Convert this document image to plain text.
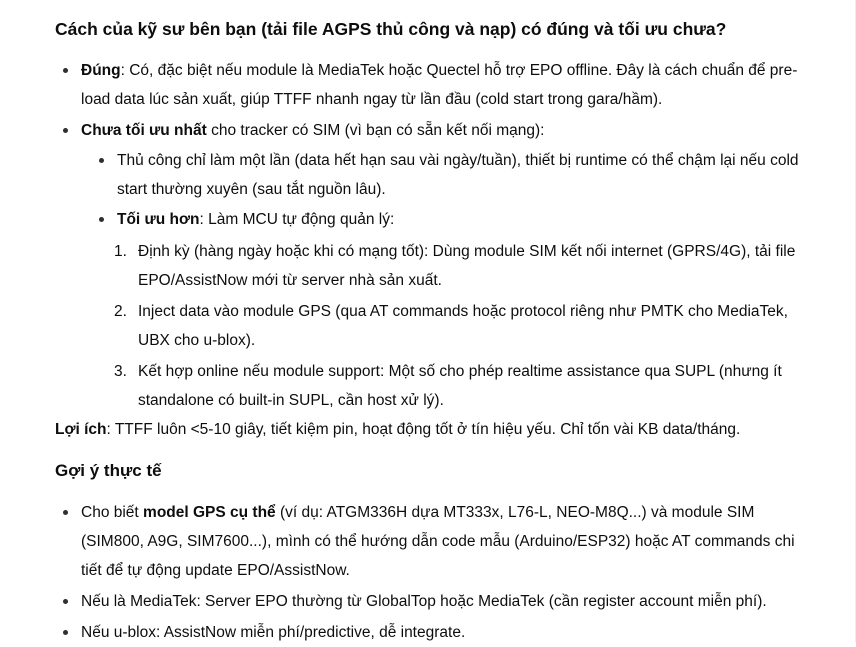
Cách của kỹ sư bên bạn (tải file AGPS thủ công và nạp) có đúng và tối ưu chưa?
Đúng: Có, đặc biệt nếu module là MediaTek hoặc Quectel hỗ trợ EPO offline. Đây là cách chuẩn để pre-load data lúc sản xuất, giúp TTFF nhanh ngay từ lần đầu (cold start trong gara/hầm).
Chưa tối ưu nhất cho tracker có SIM (vì bạn có sẵn kết nối mạng):
Thủ công chỉ làm một lần (data hết hạn sau vài ngày/tuần), thiết bị runtime có thể chậm lại nếu cold start thường xuyên (sau tắt nguồn lâu).
Tối ưu hơn: Làm MCU tự động quản lý:
1. Định kỳ (hàng ngày hoặc khi có mạng tốt): Dùng module SIM kết nối internet (GPRS/4G), tải file EPO/AssistNow mới từ server nhà sản xuất.
2. Inject data vào module GPS (qua AT commands hoặc protocol riêng như PMTK cho MediaTek, UBX cho u-blox).
3. Kết hợp online nếu module support: Một số cho phép realtime assistance qua SUPL (nhưng ít standalone có built-in SUPL, cần host xử lý).

Lợi ích: TTFF luôn <5-10 giây, tiết kiệm pin, hoạt động tốt ở tín hiệu yếu. Chỉ tốn vài KB data/tháng.

Gợi ý thực tế
Cho biết model GPS cụ thể (ví dụ: ATGM336H dựa MT333x, L76-L, NEO-M8Q...) và module SIM (SIM800, A9G, SIM7600...), mình có thể hướng dẫn code mẫu (Arduino/ESP32) hoặc AT commands chi tiết để tự động update EPO/AssistNow.
Nếu là MediaTek: Server EPO thường từ GlobalTop hoặc MediaTek (cần register account miễn phí).
Nếu u-blox: AssistNow miễn phí/predictive, dễ integrate.
